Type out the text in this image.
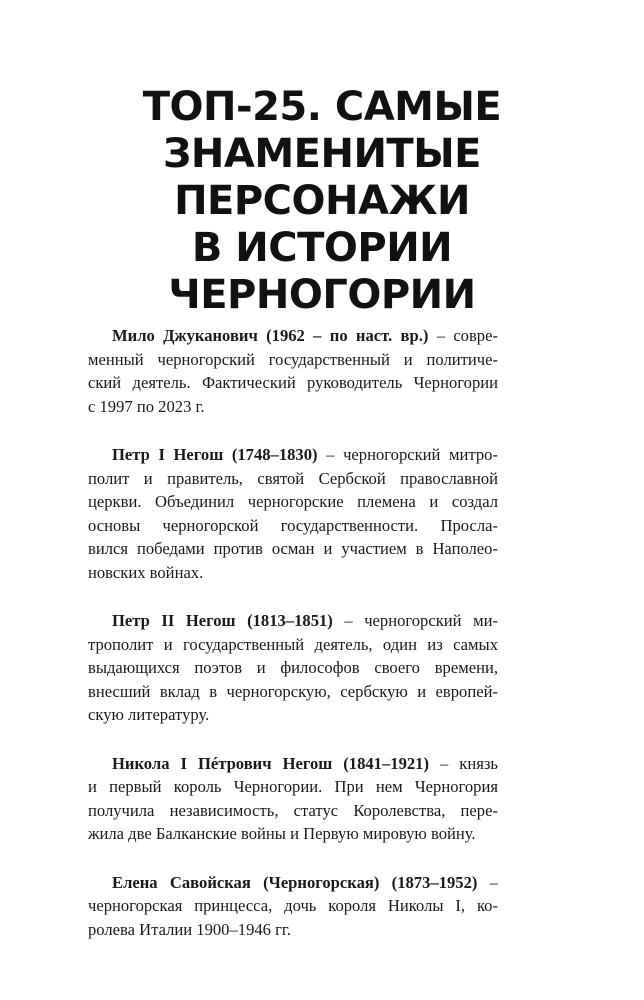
ТОП-25. САМЫЕ
ЗНАМЕНИТЫЕ
ПЕРСОНАЖИ
В ИСТОРИИ
ЧЕРНОГОРИИ

Мило Джуканович (1962 – по наст. вр.) – совре-
менный черногорский государственный и политиче-
ский деятель. Фактический руководитель Черногории
с 1997 по 2023 г.

Петр I Негош (1748–1830) – черногорский митро-
полит и правитель, святой Сербской православной
церкви. Объединил черногорские племена и создал
основы черногорской государственности. Просла-
вился победами против осман и участием в Наполео-
новских войнах.

Петр II Негош (1813–1851) – черногорский ми-
трополит и государственный деятель, один из самых
выдающихся поэтов и философов своего времени,
внесший вклад в черногорскую, сербскую и европей-
скую литературу.

Никола I Пéтрович Негош (1841–1921) – князь
и первый король Черногории. При нем Черногория
получила независимость, статус Королевства, пере-
жила две Балканские войны и Первую мировую войну.

Елена Савойская (Черногорская) (1873–1952) –
черногорская принцесса, дочь короля Николы I, ко-
ролева Италии 1900–1946 гг.
